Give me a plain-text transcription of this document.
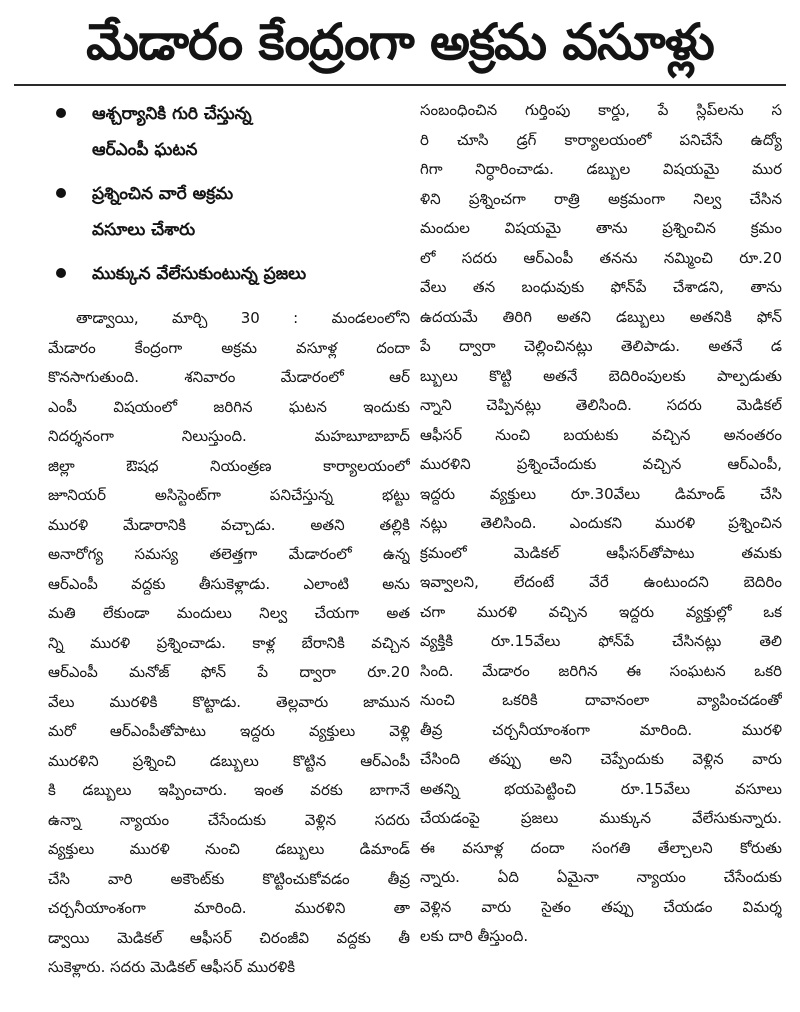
మేడారం కేంద్రంగా అక్రమ వసూళ్లు
ఆశ్చర్యానికి గురి చేస్తున్న
ఆర్‌ఎంపీ ఘటన
ప్రశ్నించిన వారే అక్రమ
వసూలు చేశారు
ముక్కున వేలేసుకుంటున్న ప్రజలు
తాడ్వాయి, మార్చి 30 : మండలంలోని
మేడారం కేంద్రంగా అక్రమ వసూళ్ల దందా
కొనసాగుతుంది. శనివారం మేడారంలో ఆర్
ఎంపీ విషయంలో జరిగిన ఘటన ఇందుకు
నిదర్శనంగా నిలుస్తుంది. మహబూబాబాద్
జిల్లా ఔషధ నియంత్రణ కార్యాలయంలో
జూనియర్ అసిస్టెంట్‌గా పనిచేస్తున్న భట్టు
మురళి మేడారానికి వచ్చాడు. అతని తల్లికి
అనారోగ్య సమస్య తలెత్తగా మేడారంలో ఉన్న
ఆర్‌ఎంపీ వద్దకు తీసుకెళ్లాడు. ఎలాంటి అను
మతి లేకుండా మందులు నిల్వ చేయగా అత
న్ని మురళి ప్రశ్నించాడు. కాళ్ల బేరానికి వచ్చిన
ఆర్‌ఎంపీ మనోజ్ ఫోన్ పే ద్వారా రూ.20
వేలు మురళికి కొట్టాడు. తెల్లవారు జామున
మరో ఆర్‌ఎంపీతోపాటు ఇద్దరు వ్యక్తులు వెళ్లి
మురళిని ప్రశ్నించి డబ్బులు కొట్టిన ఆర్‌ఎంపీ
కి డబ్బులు ఇప్పించారు. ఇంత వరకు బాగానే
ఉన్నా న్యాయం చేసేందుకు వెళ్లిన సదరు
వ్యక్తులు మురళి నుంచి డబ్బులు డిమాండ్
చేసి వారి అకౌంట్‌కు కొట్టించుకోవడం తీవ్ర
చర్చనీయాంశంగా మారింది. మురళిని తా
డ్వాయి మెడికల్ ఆఫీసర్ చిరంజీవి వద్దకు తీ
సుకెళ్లారు. సదరు మెడికల్ ఆఫీసర్ మురళికి
సంబంధించిన గుర్తింపు కార్డు, పే స్లిప్‌లను స
రి చూసి డ్రగ్ కార్యాలయంలో పనిచేసే ఉద్యో
గిగా నిర్ధారించాడు. డబ్బుల విషయమై ముర
ళిని ప్రశ్నించగా రాత్రి అక్రమంగా నిల్వ చేసిన
మందుల విషయమై తాను ప్రశ్నించిన క్రమం
లో సదరు ఆర్‌ఎంపీ తనను నమ్మించి రూ.20
వేలు తన బంధువుకు ఫోన్‌పే చేశాడని, తాను
ఉదయమే తిరిగి అతని డబ్బులు అతనికి ఫోన్
పే ద్వారా చెల్లించినట్లు తెలిపాడు. అతనే డ
బ్బులు కొట్టి అతనే బెదిరింపులకు పాల్పడుతు
న్నాని చెప్పినట్లు తెలిసింది. సదరు మెడికల్
ఆఫీసర్ నుంచి బయటకు వచ్చిన అనంతరం
మురళిని ప్రశ్నించేందుకు వచ్చిన ఆర్‌ఎంపీ,
ఇద్దరు వ్యక్తులు రూ.30వేలు డిమాండ్ చేసి
నట్లు తెలిసింది. ఎందుకని మురళి ప్రశ్నించిన
క్రమంలో మెడికల్ ఆఫీసర్‌తోపాటు తమకు
ఇవ్వాలని, లేదంటే వేరే ఉంటుందని బెదిరిం
చగా మురళి వచ్చిన ఇద్దరు వ్యక్తుల్లో ఒక
వ్యక్తికి రూ.15వేలు ఫోన్‌పే చేసినట్లు తెలి
సింది. మేడారం జరిగిన ఈ సంఘటన ఒకరి
నుంచి ఒకరికి దావానంలా వ్యాపించడంతో
తీవ్ర చర్చనీయాంశంగా మారింది. మురళి
చేసింది తప్పు అని చెప్పేందుకు వెళ్లిన వారు
అతన్ని భయపెట్టించి రూ.15వేలు వసూలు
చేయడంపై ప్రజలు ముక్కున వేలేసుకున్నారు.
ఈ వసూళ్ల దందా సంగతి తేల్చాలని కోరుతు
న్నారు. ఏది ఏమైనా న్యాయం చేసేందుకు
వెళ్లిన వారు సైతం తప్పు చేయడం విమర్శ
లకు దారి తీస్తుంది.
